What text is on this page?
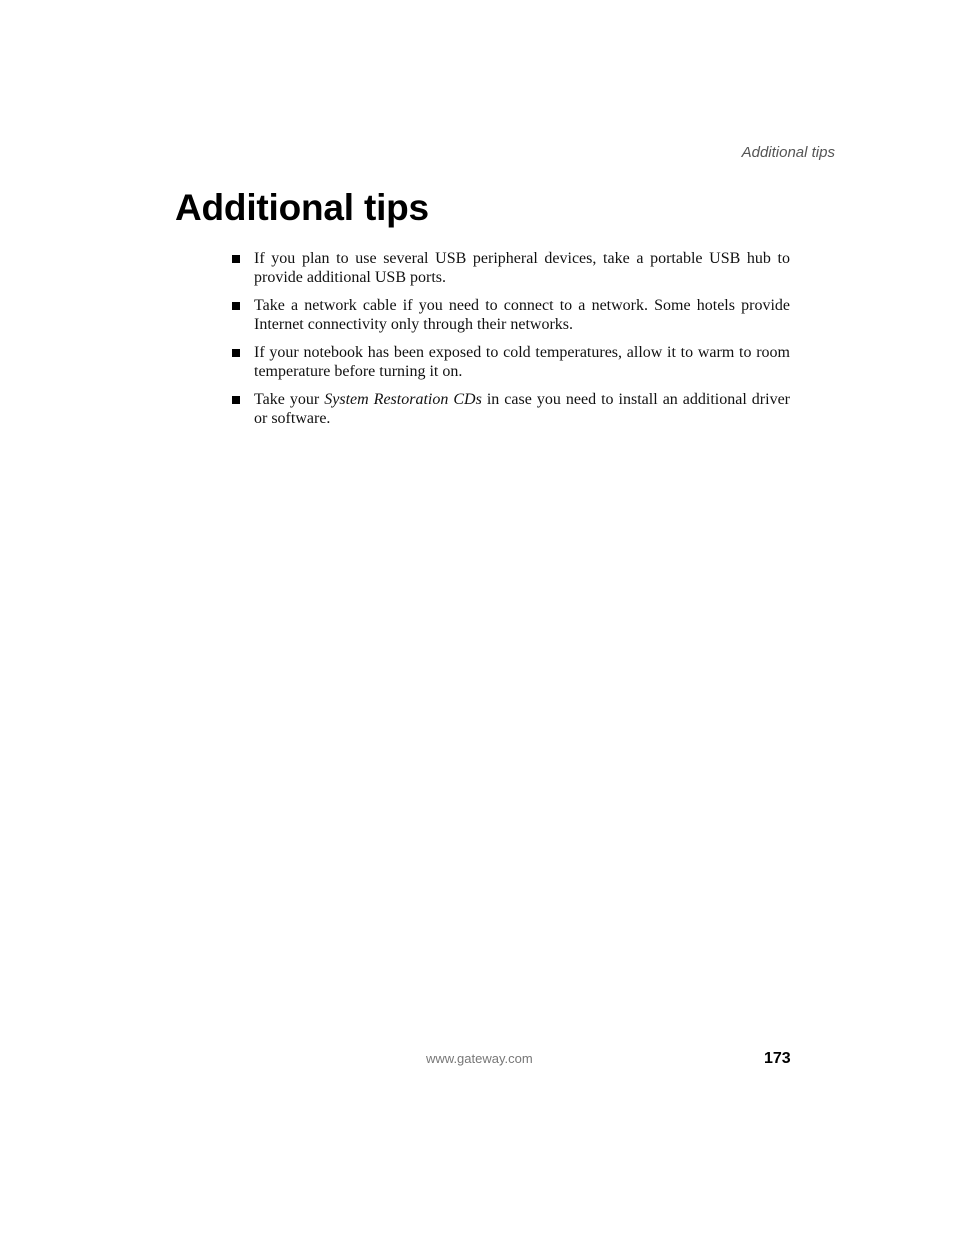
Additional tips
Additional tips
If you plan to use several USB peripheral devices, take a portable USB hub to provide additional USB ports.
Take a network cable if you need to connect to a network. Some hotels provide Internet connectivity only through their networks.
If your notebook has been exposed to cold temperatures, allow it to warm to room temperature before turning it on.
Take your System Restoration CDs in case you need to install an additional driver or software.
www.gateway.com	173
